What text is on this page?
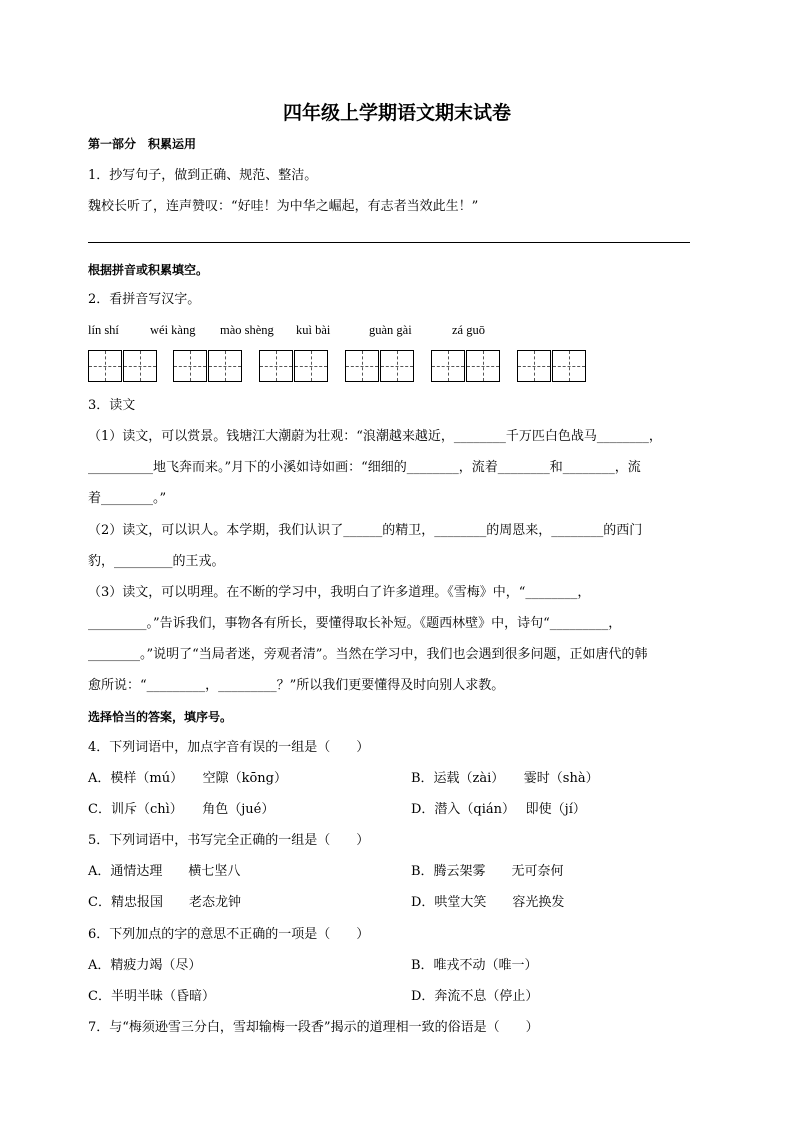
四年级上学期语文期末试卷
第一部分　积累运用
1．抄写句子，做到正确、规范、整洁。
魏校长听了，连声赞叹：“好哇！为中华之崛起，有志者当效此生！”
根据拼音或积累填空。
2．看拼音写汉字。
lín shí wéi kàng mào shèng kuì bài	guàn gài	zá guō
3．读文
（1）读文，可以赏景。钱塘江大潮蔚为壮观：“浪潮越来越近，________千万匹白色战马________，
__________地飞奔而来。”月下的小溪如诗如画：“细细的________，流着________和________，流
着________。”
（2）读文，可以识人。本学期，我们认识了______的精卫，________的周恩来，________的西门
豹，_________的王戎。
（3）读文，可以明理。在不断的学习中，我明白了许多道理。《雪梅》中，“________，
_________。”告诉我们，事物各有所长，要懂得取长补短。《题西林壁》中，诗句“_________，
________。”说明了“当局者迷，旁观者清”。当然在学习中，我们也会遇到很多问题，正如唐代的韩
愈所说：“_________，_________？”所以我们更要懂得及时向别人求教。
选择恰当的答案，填序号。
4．下列词语中，加点字音有误的一组是（　　）
A．模样（mú）　　空隙（kōng）	B．运载（zài）　　霎时（shà）
C．训斥（chì）　　角色（jué）	D．潜入（qián）　 即使（jí）
5．下列词语中，书写完全正确的一组是（　　）
A．通情达理　　横七坚八	B．腾云架雾　　无可奈何
C．精忠报国　　老态龙钟	D．哄堂大笑　　容光换发
6．下列加点的字的意思不正确的一项是（　　）
A．精疲力竭（尽）	B．唯戎不动（唯一）
C．半明半昧（昏暗）	D．奔流不息（停止）
7．与“梅须逊雪三分白，雪却输梅一段香”揭示的道理相一致的俗语是（　　）
